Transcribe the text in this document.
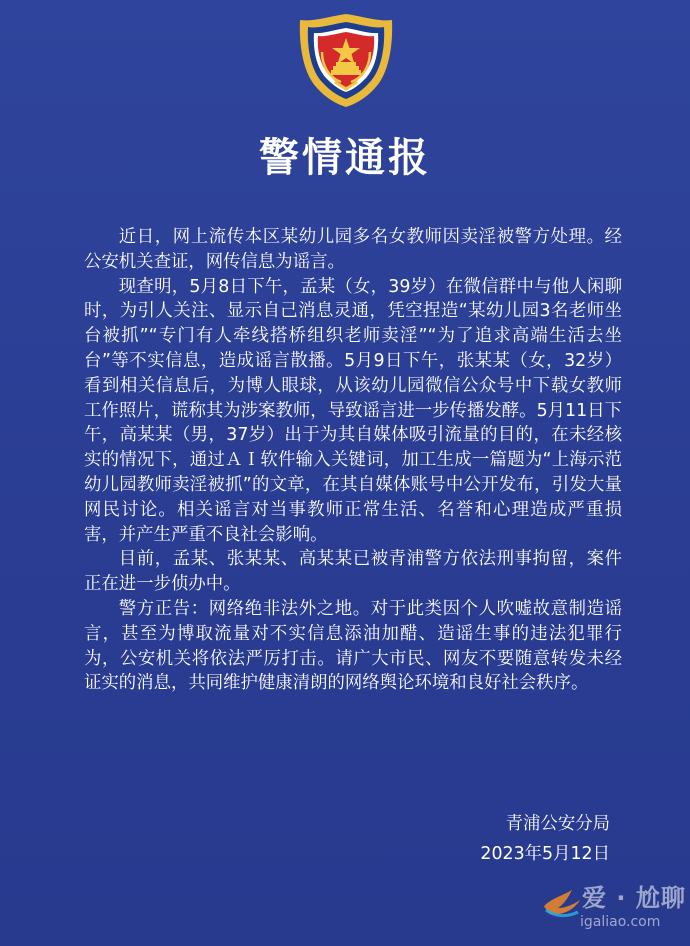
警情通报

近日，网上流传本区某幼儿园多名女教师因卖淫被警方处理。经公安机关查证，网传信息为谣言。

现查明，5月8日下午，孟某（女，39岁）在微信群中与他人闲聊时，为引人关注、显示自己消息灵通，凭空捏造“某幼儿园3名老师坐台被抓”“专门有人牵线搭桥组织老师卖淫”“为了追求高端生活去坐台”等不实信息，造成谣言散播。5月9日下午，张某某（女，32岁）看到相关信息后，为博人眼球，从该幼儿园微信公众号中下载女教师工作照片，谎称其为涉案教师，导致谣言进一步传播发酵。5月11日下午，高某某（男，37岁）出于为其自媒体吸引流量的目的，在未经核实的情况下，通过ＡＩ软件输入关键词，加工生成一篇题为“上海示范幼儿园教师卖淫被抓”的文章，在其自媒体账号中公开发布，引发大量网民讨论。相关谣言对当事教师正常生活、名誉和心理造成严重损害，并产生严重不良社会影响。

目前，孟某、张某某、高某某已被青浦警方依法刑事拘留，案件正在进一步侦办中。

警方正告：网络绝非法外之地。对于此类因个人吹嘘故意制造谣言，甚至为博取流量对不实信息添油加醋、造谣生事的违法犯罪行为，公安机关将依法严厉打击。请广大市民、网友不要随意转发未经证实的消息，共同维护健康清朗的网络舆论环境和良好社会秩序。

青浦公安分局
2023年5月12日
爱 · 尬聊
igaliao.com
